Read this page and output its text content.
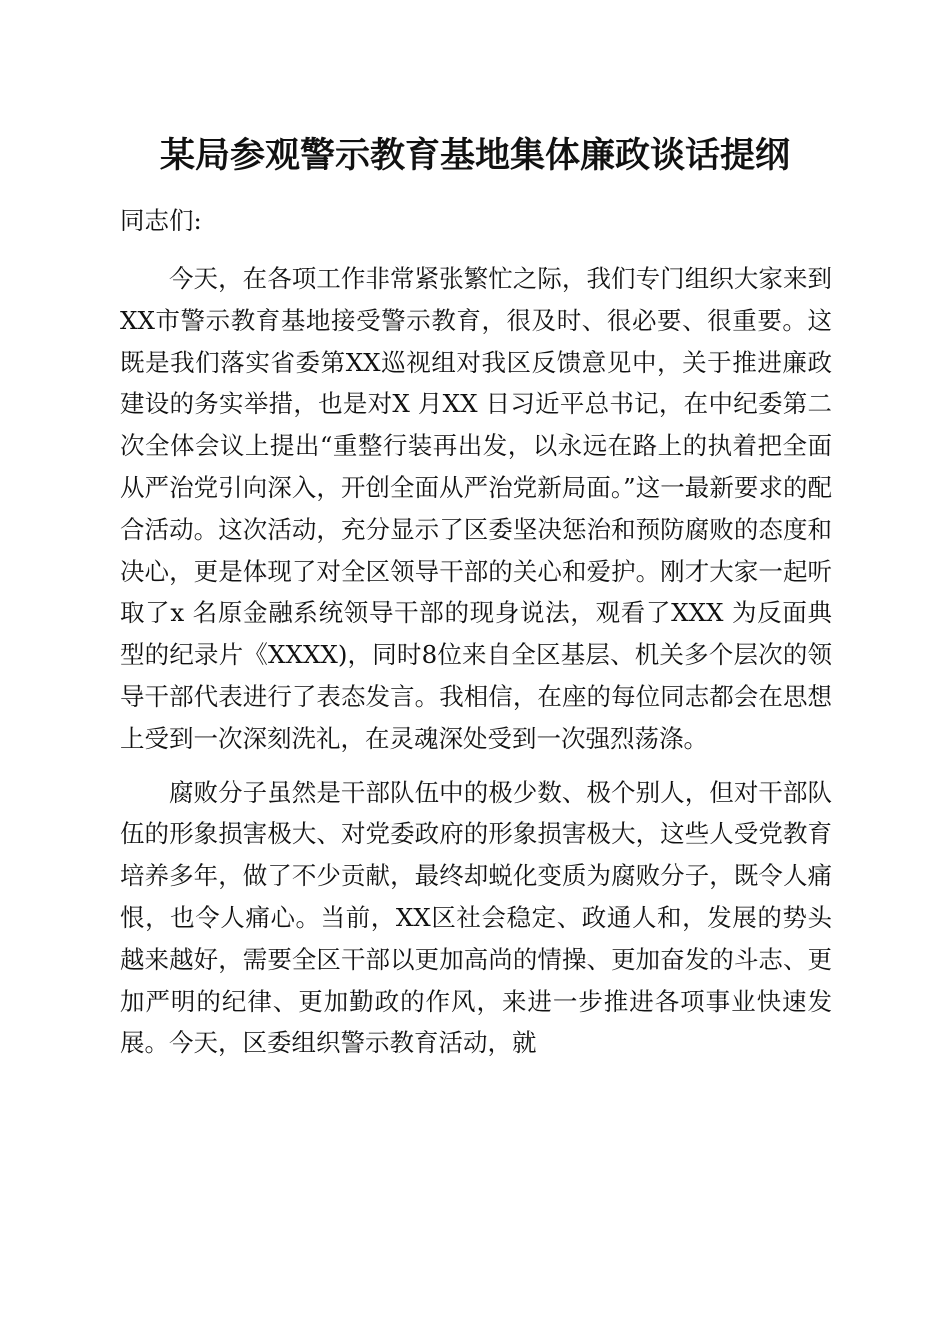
某局参观警示教育基地集体廉政谈话提纲
同志们:

今天，在各项工作非常紧张繁忙之际，我们专门组织大家来到XX市警示教育基地接受警示教育，很及时、很必要、很重要。这既是我们落实省委第XX巡视组对我区反馈意见中，关于推进廉政建设的务实举措，也是对X 月XX 日习近平总书记，在中纪委第二次全体会议上提出“重整行装再出发，以永远在路上的执着把全面从严治党引向深入，开创全面从严治党新局面。”这一最新要求的配合活动。这次活动，充分显示了区委坚决惩治和预防腐败的态度和决心，更是体现了对全区领导干部的关心和爱护。刚才大家一起听取了x 名原金融系统领导干部的现身说法，观看了XXX 为反面典型的纪录片《XXXX)，同时8位来自全区基层、机关多个层次的领导干部代表进行了表态发言。我相信，在座的每位同志都会在思想上受到一次深刻洗礼，在灵魂深处受到一次强烈荡涤。

腐败分子虽然是干部队伍中的极少数、极个别人，但对干部队伍的形象损害极大、对党委政府的形象损害极大，这些人受党教育培养多年，做了不少贡献，最终却蜕化变质为腐败分子，既令人痛恨，也令人痛心。当前，XX区社会稳定、政通人和，发展的势头越来越好，需要全区干部以更加高尚的情操、更加奋发的斗志、更加严明的纪律、更加勤政的作风，来进一步推进各项事业快速发展。今天，区委组织警示教育活动，就
